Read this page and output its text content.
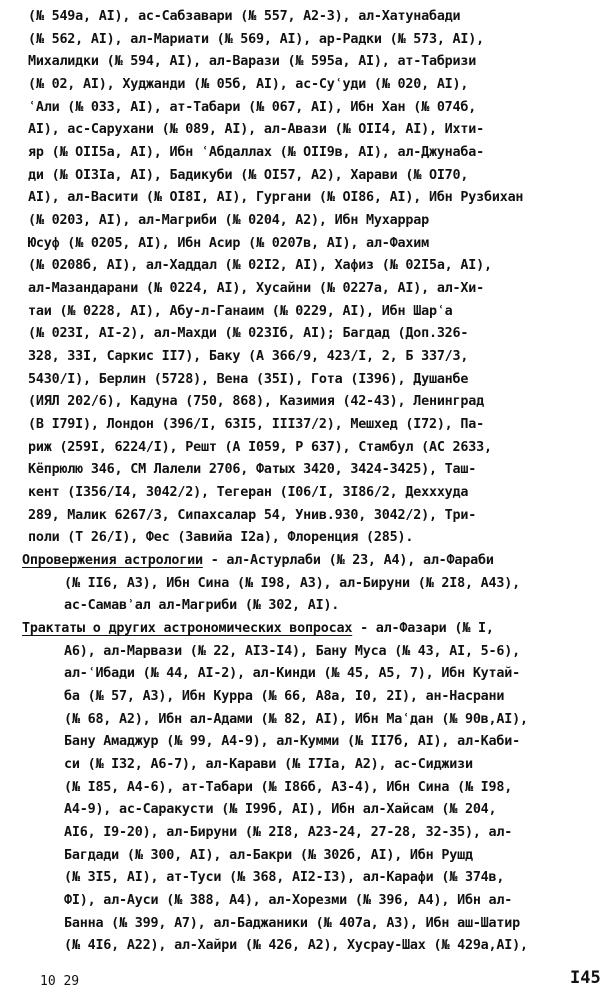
(№ 549а, AI), ас-Сабзавари (№ 557, А2-3), ал-Хатунабади
(№ 562, AI), ал-Мариати (№ 569, AI), ар-Радки (№ 573, AI),
Михалидки (№ 594, AI), ал-Варази (№ 595а, AI), ат-Табризи
(№ 02, AI), Худжанди (№ 05б, AI), ас-Суʿуди (№ 020, AI),
ʿАли (№ 033, AI), ат-Табари (№ 067, AI), Ибн Хан (№ 074б,
AI), ас-Сарухани (№ 089, AI), ал-Авази (№ OII4, AI), Ихти-
яр (№ OII5а, AI), Ибн ʿАбдаллах (№ OII9в, AI), ал-Джунаба-
ди (№ OI3Iа, AI), Бадикуби (№ OI57, A2), Харави (№ OI70,
AI), ал-Васити (№ OI8I, AI), Гургани (№ OI86, AI), Ибн Рузбихан
(№ 0203, AI), ал-Магриби (№ 0204, A2), Ибн Мухаррар
Юсуф (№ 0205, AI), Ибн Асир (№ 0207в, AI), ал-Фахим
(№ 0208б, AI), ал-Хаддал (№ 02I2, AI), Хафиз (№ 02I5а, AI),
ал-Мазандарани (№ 0224, AI), Хусайни (№ 0227а, AI), ал-Хи-
таи (№ 0228, AI), Абу-л-Ганаим (№ 0229, AI), Ибн Шарʿа
(№ 023I, AI-2), ал-Махди (№ 023Iб, AI); Багдад (Доп.326-
328, 33I, Саркис II7), Баку (А 366/9, 423/I, 2, Б 337/3,
5430/I), Берлин (5728), Вена (35I), Гота (I396), Душанбе
(ИЯЛ 202/6), Кадуна (750, 868), Казимия (42-43), Ленинград
(В I79I), Лондон (396/I, 63I5, III37/2), Мешхед (I72), Па-
риж (259I, 6224/I), Решт (А I059, Р 637), Стамбул (АС 2633,
Кёпрюлю 346, СМ Лалели 2706, Фатых 3420, 3424-3425), Таш-
кент (I356/I4, 3042/2), Тегеран (I06/I, 3I86/2, Дехххуда
289, Малик 6267/3, Сипахсалар 54, Унив.930, 3042/2), Три-
поли (Т 26/I), Фес (Завийа I2а), Флоренция (285).
Опровержения астрологии - ал-Астурлаби (№ 23, А4), ал-Фараби
(№ II6, A3), Ибн Сина (№ I98, A3), ал-Бируни (№ 2I8, A43),
ас-Самавʾал ал-Магриби (№ 302, AI).
Трактаты о других астрономических вопросах - ал-Фазари (№ I,
A6), ал-Марвази (№ 22, AI3-I4), Бану Муса (№ 43, AI, 5-6),
ал-ʿИбади (№ 44, AI-2), ал-Кинди (№ 45, А5, 7), Ибн Кутай-
ба (№ 57, A3), Ибн Курра (№ 66, А8а, I0, 2I), ан-Насрани
(№ 68, A2), Ибн ал-Адами (№ 82, AI), Ибн Маʿдан (№ 90в,AI),
Бану Амаджур (№ 99, А4-9), ал-Кумми (№ II7б, AI), ал-Каби-
си (№ I32, А6-7), ал-Карави (№ I7Iа, A2), ас-Сиджизи
(№ I85, А4-6), ат-Табари (№ I86б, A3-4), Ибн Сина (№ I98,
А4-9), ас-Саракусти (№ I99б, AI), Ибн ал-Хайсам (№ 204,
AI6, I9-20), ал-Бируни (№ 2I8, А23-24, 27-28, 32-35), ал-
Багдади (№ 300, AI), ал-Бакри (№ 302б, AI), Ибн Рушд
(№ 3I5, AI), ат-Туси (№ 368, AI2-I3), ал-Карафи (№ 374в,
ФI), ал-Ауси (№ 388, А4), ал-Хорезми (№ 396, А4), Ибн ал-
Банна (№ 399, А7), ал-Баджаники (№ 407а, A3), Ибн аш-Шатир
(№ 4I6, А22), ал-Хайри (№ 426, A2), Хусрау-Шах (№ 429а,AI),
10 29	I45
